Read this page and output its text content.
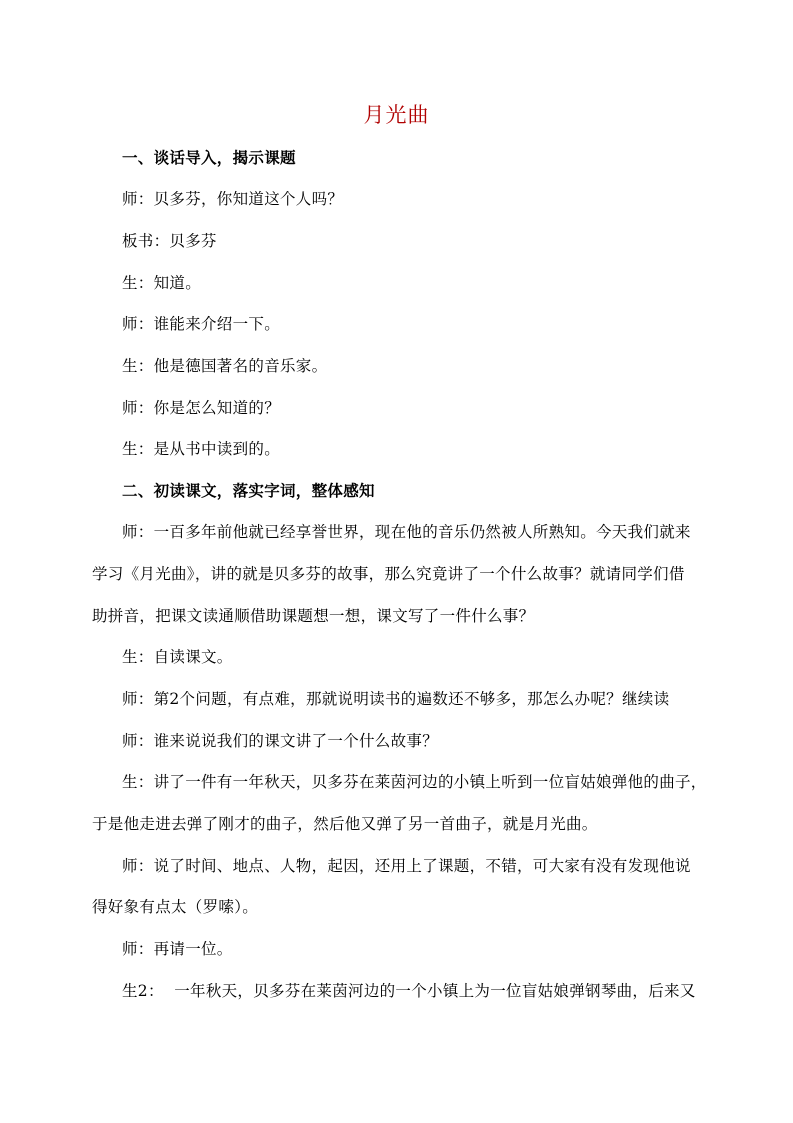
月光曲
一、谈话导入，揭示课题
师：贝多芬，你知道这个人吗？
板书：贝多芬
生：知道。
师：谁能来介绍一下。
生：他是德国著名的音乐家。
师：你是怎么知道的？
生：是从书中读到的。
二、初读课文，落实字词，整体感知
师：一百多年前他就已经享誉世界，现在他的音乐仍然被人所熟知。今天我们就来
学习《月光曲》，讲的就是贝多芬的故事，那么究竟讲了一个什么故事？就请同学们借
助拼音，把课文读通顺借助课题想一想，课文写了一件什么事？
生：自读课文。
师：第2个问题，有点难，那就说明读书的遍数还不够多，那怎么办呢？继续读
师：谁来说说我们的课文讲了一个什么故事？
生：讲了一件有一年秋天，贝多芬在莱茵河边的小镇上听到一位盲姑娘弹他的曲子，
于是他走进去弹了刚才的曲子，然后他又弹了另一首曲子，就是月光曲。
师：说了时间、地点、人物，起因，还用上了课题，不错，可大家有没有发现他说
得好象有点太（罗嗦）。
师：再请一位。
生2：  一年秋天，贝多芬在莱茵河边的一个小镇上为一位盲姑娘弹钢琴曲，后来又
